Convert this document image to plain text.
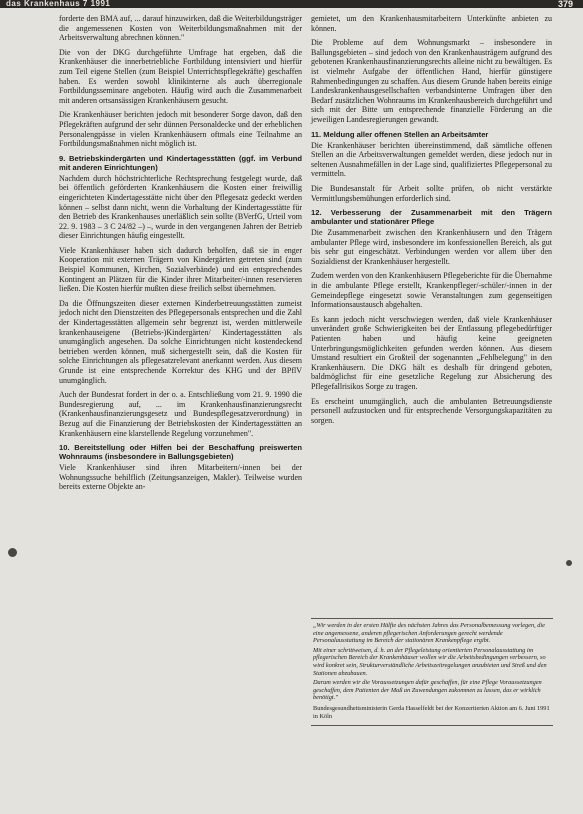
das Krankenhaus 7 1991	379

forderte den BMA auf, ... darauf hinzuwirken, daß die Weiterbildungsträger die angemessenen Kosten von Weiterbildungsmaßnahmen mit der Arbeitsverwaltung abrechnen können."

Die von der DKG durchgeführte Umfrage hat ergeben, daß die Krankenhäuser die innerbetriebliche Fortbildung intensiviert und hierfür zum Teil eigene Stellen (zum Beispiel Unterrichtspflegekräfte) geschaffen haben. Es werden sowohl klinikinterne als auch überregionale Fortbildungsseminare angeboten. Häufig wird auch die Zusammenarbeit mit anderen ortsansässigen Krankenhäusern gesucht.

Die Krankenhäuser berichten jedoch mit besonderer Sorge davon, daß den Pflegekräften aufgrund der sehr dünnen Personaldecke und der erheblichen Personalengpässe in vielen Krankenhäusern oftmals eine Teilnahme an Fortbildungsmaßnahmen nicht möglich ist.

9. Betriebskindergärten und Kindertagesstätten (ggf. im Verbund mit anderen Einrichtungen)

Nachdem durch höchstrichterliche Rechtsprechung festgelegt wurde, daß bei öffentlich geförderten Krankenhäusern die Kosten einer freiwillig eingerichteten Kindertagesstätte nicht über den Pflegesatz gedeckt werden können – selbst dann nicht, wenn die Vorhaltung der Kindertagesstätte für den Betrieb des Krankenhauses unerläßlich sein sollte (BVerfG, Urteil vom 22. 9. 1983 – 3 C 24/82 –) –, wurde in den vergangenen Jahren der Betrieb dieser Einrichtungen häufig eingestellt.

Viele Krankenhäuser haben sich dadurch beholfen, daß sie in enger Kooperation mit externen Trägern von Kindergärten getreten sind (zum Beispiel Kommunen, Kirchen, Sozialverbände) und ein entsprechendes Kontingent an Plätzen für die Kinder ihrer Mitarbeiter/-innen reservieren ließen. Die Kosten hierfür mußten diese freilich selbst übernehmen.

Da die Öffnungszeiten dieser externen Kinderbetreuungsstätten zumeist jedoch nicht den Dienstzeiten des Pflegepersonals entsprechen und die Zahl der Kindertagesstätten allgemein sehr begrenzt ist, werden mittlerweile krankenhauseigene (Betriebs-)Kindergärten/ Kindertagesstätten als unumgänglich angesehen. Da solche Einrichtungen nicht kostendeckend betrieben werden können, muß sichergestellt sein, daß die Kosten für solche Einrichtungen als pflegesatzrelevant anerkannt werden. Aus diesem Grunde ist eine entsprechende Korrektur des KHG und der BPflV unumgänglich.

Auch der Bundesrat fordert in der o. a. Entschließung vom 21. 9. 1990 die Bundesregierung auf, ... im Krankenhausfinanzierungsrecht (Krankenhausfinanzierungsgesetz und Bundespflegesatzverordnung) in Bezug auf die Finanzierung der Betriebskosten der Kindertagesstätten an Krankenhäusern eine klarstellende Regelung vorzunehmen".

10. Bereitstellung oder Hilfen bei der Beschaffung preiswerten Wohnraums (insbesondere in Ballungsgebieten)

Viele Krankenhäuser sind ihren Mitarbeitern/-innen bei der Wohnungssuche behilflich (Zeitungsanzeigen, Makler). Teilweise wurden bereits externe Objekte an-

gemietet, um den Krankenhausmitarbeitern Unterkünfte anbieten zu können.

Die Probleme auf dem Wohnungsmarkt – insbesondere in Ballungsgebieten – sind jedoch von den Krankenhausträgern aufgrund des gebotenen Krankenhausfinanzierungsrechts alleine nicht zu bewältigen. Es ist vielmehr Aufgabe der öffentlichen Hand, hierfür günstigere Rahmenbedingungen zu schaffen. Aus diesem Grunde haben bereits einige Landeskrankenhausgesellschaften verbandsinterne Umfragen über den Bedarf zusätzlichen Wohnraums im Krankenhausbereich durchgeführt und sich mit der Bitte um entsprechende finanzielle Förderung an die jeweiligen Landesregierungen gewandt.

11. Meldung aller offenen Stellen an Arbeitsämter

Die Krankenhäuser berichten übereinstimmend, daß sämtliche offenen Stellen an die Arbeitsverwaltungen gemeldet werden, diese jedoch nur in seltenen Ausnahmefällen in der Lage sind, qualifiziertes Pflegepersonal zu vermitteln.

Die Bundesanstalt für Arbeit sollte prüfen, ob nicht verstärkte Vermittlungsbemühungen erforderlich sind.

12. Verbesserung der Zusammenarbeit mit den Trägern ambulanter und stationärer Pflege

Die Zusammenarbeit zwischen den Krankenhäusern und den Trägern ambulanter Pflege wird, insbesondere im konfessionellen Bereich, als gut bis sehr gut eingeschätzt. Verbindungen werden vor allem über den Sozialdienst der Krankenhäuser hergestellt.

Zudem werden von den Krankenhäusern Pflegeberichte für die Übernahme in die ambulante Pflege erstellt, Krankenpfleger/-schüler/-innen in der Gemeindepflege eingesetzt sowie Veranstaltungen zum gegenseitigen Informationsaustausch abgehalten.

Es kann jedoch nicht verschwiegen werden, daß viele Krankenhäuser unverändert große Schwierigkeiten bei der Entlassung pflegebedürftiger Patienten haben und häufig keine geeigneten Unterbringungsmöglichkeiten gefunden werden können. Aus diesem Umstand resultiert ein Großteil der sogenannten „Fehlbelegung" in den Krankenhäusern. Die DKG hält es deshalb für dringend geboten, baldmöglichst für eine gesetzliche Regelung zur Absicherung des Pflegefallrisikos Sorge zu tragen.

Es erscheint unumgänglich, auch die ambulanten Betreuungsdienste personell aufzustocken und für entsprechende Versorgungskapazitäten zu sorgen.

„Wir werden in der ersten Hälfte des nächsten Jahres das Personalbemessung vorlegen, die eine angemessene, anderen pflegerischen Anforderungen gerecht werdende Personalausstattung im Bereich der stationären Krankenpflege ergibt.

Mit einer schrittweisen, d. h. an der Pflegeleistung orientierten Personalausstattung im pflegerischen Bereich der Krankenhäuser wollen wir die Arbeitsbedingungen verbessern, so wird konkret sein, Strukturverständliche Arbeitszeitregelungen anzubieten und Streß und den Stationen abzubauen.

Darum werden wir die Voraussetzungen dafür geschaffen, für eine Pflege Voraussetzungen geschaffen, dem Patienten der Maß an Zuwendungen zukommen zu lassen, das er wirklich benötigt."

Bundesgesundheitsministerin Gerda Hasselfeldt bei der Konzertierten Aktion am 6. Juni 1991 in Köln
